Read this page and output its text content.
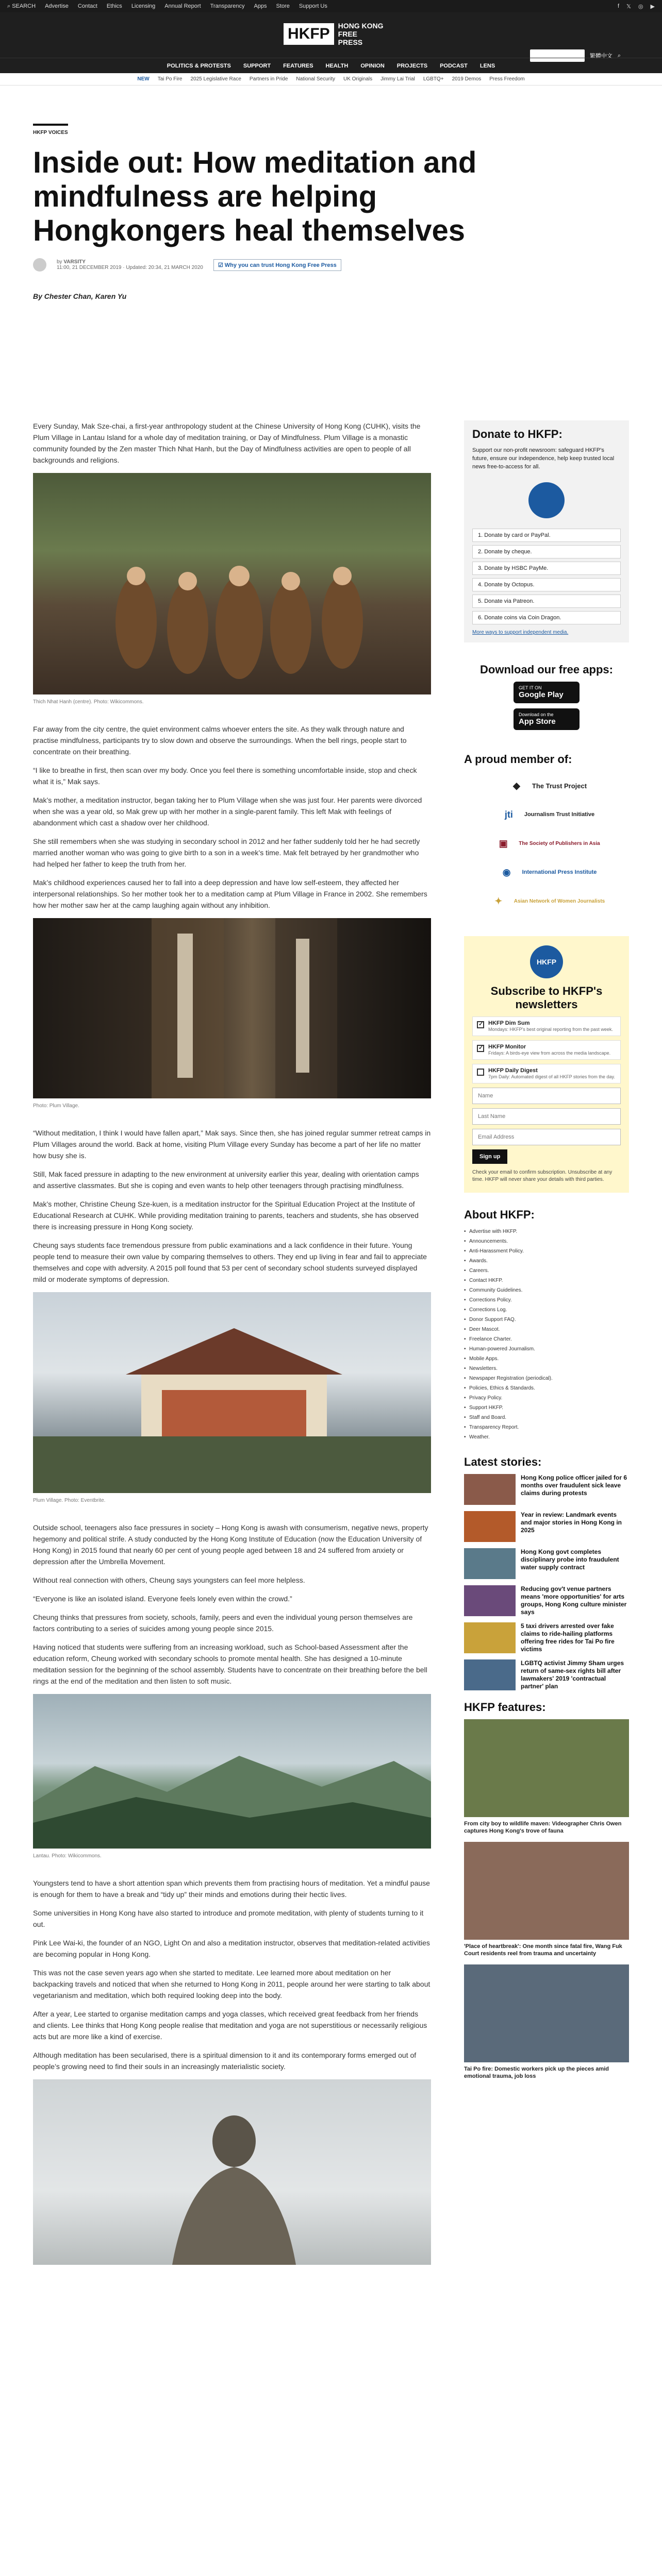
⌕ SEARCH Advertise Contact Ethics Licensing Annual Report Transparency Apps Store Support Us	f 𝕏 ◎ ▶
HKFP	HONG KONG FREE PRESS
SUPPORT HKFP	繁體中文 ⌕
POLITICS & PROTESTS SUPPORT FEATURES HEALTH OPINION PROJECTS PODCAST LENS
NEW Tai Po Fire 2025 Legislative Race Partners in Pride National Security UK Originals Jimmy Lai Trial LGBTQ+ 2019 Demos Press Freedom
HKFP VOICES
Inside out: How meditation and mindfulness are helping Hongkongers heal themselves
by VARSITY
11:00, 21 DECEMBER 2019 · Updated: 20:34, 21 MARCH 2020	☑ Why you can trust Hong Kong Free Press
By Chester Chan, Karen Yu

Every Sunday, Mak Sze-chai, a first-year anthropology student at the Chinese University of Hong Kong (CUHK), visits the Plum Village in Lantau Island for a whole day of meditation training, or Day of Mindfulness. Plum Village is a monastic community founded by the Zen master Thich Nhat Hanh, but the Day of Mindfulness activities are open to people of all backgrounds and religions.

Thich Nhat Hanh (centre). Photo: Wikicommons.

Far away from the city centre, the quiet environment calms whoever enters the site. As they walk through nature and practise mindfulness, participants try to slow down and observe the surroundings. When the bell rings, people start to concentrate on their breathing.

“I like to breathe in first, then scan over my body. Once you feel there is something uncomfortable inside, stop and check what it is,” Mak says.

Mak’s mother, a meditation instructor, began taking her to Plum Village when she was just four. Her parents were divorced when she was a year old, so Mak grew up with her mother in a single-parent family. This left Mak with feelings of abandonment which cast a shadow over her childhood.

She still remembers when she was studying in secondary school in 2012 and her father suddenly told her he had secretly married another woman who was going to give birth to a son in a week’s time. Mak felt betrayed by her grandmother who had helped her father to keep the truth from her.

Mak’s childhood experiences caused her to fall into a deep depression and have low self-esteem, they affected her interpersonal relationships. So her mother took her to a meditation camp at Plum Village in France in 2002. She remembers how her mother saw her at the camp laughing again without any inhibition.

Photo: Plum Village.

“Without meditation, I think I would have fallen apart,” Mak says. Since then, she has joined regular summer retreat camps in Plum Villages around the world. Back at home, visiting Plum Village every Sunday has become a part of her life no matter how busy she is.

Still, Mak faced pressure in adapting to the new environment at university earlier this year, dealing with orientation camps and assertive classmates. But she is coping and even wants to help other teenagers through practising mindfulness.

Mak’s mother, Christine Cheung Sze-kuen, is a meditation instructor for the Spiritual Education Project at the Institute of Educational Research at CUHK. While providing meditation training to parents, teachers and students, she has observed there is increasing pressure in Hong Kong society.

Cheung says students face tremendous pressure from public examinations and a lack confidence in their future. Young people tend to measure their own value by comparing themselves to others. They end up living in fear and fail to appreciate themselves and cope with adversity. A 2015 poll found that 53 per cent of secondary school students surveyed displayed mild or moderate symptoms of depression.

Plum Village. Photo: Eventbrite.

Outside school, teenagers also face pressures in society – Hong Kong is awash with consumerism, negative news, property hegemony and political strife. A study conducted by the Hong Kong Institute of Education (now the Education University of Hong Kong) in 2015 found that nearly 60 per cent of young people aged between 18 and 24 suffered from anxiety or depression after the Umbrella Movement.

Without real connection with others, Cheung says youngsters can feel more helpless.

“Everyone is like an isolated island. Everyone feels lonely even within the crowd.”

Cheung thinks that pressures from society, schools, family, peers and even the individual young person themselves are factors contributing to a series of suicides among young people since 2015.

Having noticed that students were suffering from an increasing workload, such as School-based Assessment after the education reform, Cheung worked with secondary schools to promote mental health. She has designed a 10-minute meditation session for the beginning of the school assembly. Students have to concentrate on their breathing before the bell rings at the end of the meditation and then listen to soft music.

Lantau. Photo: Wikicommons.

Youngsters tend to have a short attention span which prevents them from practising hours of meditation. Yet a mindful pause is enough for them to have a break and “tidy up” their minds and emotions during their hectic lives.

Some universities in Hong Kong have also started to introduce and promote meditation, with plenty of students turning to it out.

Pink Lee Wai-ki, the founder of an NGO, Light On and also a meditation instructor, observes that meditation-related activities are becoming popular in Hong Kong.

This was not the case seven years ago when she started to meditate. Lee learned more about meditation on her backpacking travels and noticed that when she returned to Hong Kong in 2011, people around her were starting to talk about vegetarianism and meditation, which both required looking deep into the body.

After a year, Lee started to organise meditation camps and yoga classes, which received great feedback from her friends and clients. Lee thinks that Hong Kong people realise that meditation and yoga are not superstitious or necessarily religious acts but are more like a kind of exercise.

Although meditation has been secularised, there is a spiritual dimension to it and its contemporary forms emerged out of people’s growing need to find their souls in an increasingly materialistic society.

Donate to HKFP:

Support our non-profit newsroom: safeguard HKFP's future, ensure our independence, help keep trusted local news free-to-access for all.

1. Donate by card or PayPal.
2. Donate by cheque.
3. Donate by HSBC PayMe.
4. Donate by Octopus.
5. Donate via Patreon.
6. Donate coins via Coin Dragon.
More ways to support independent media.
Download our free apps:
GET IT ON
Google Play
Download on the
App Store
A proud member of:
◆	The Trust Project
jti	Journalism Trust Initiative
▣	The Society of Publishers in Asia
◉	International Press Institute
✦	Asian Network of Women Journalists
HKFP
Subscribe to HKFP's newsletters
✓
HKFP Dim Sum
Mondays: HKFP's best original reporting from the past week.
✓
HKFP Monitor
Fridays: A birds-eye view from across the media landscape.
HKFP Daily Digest
7pm Daily: Automated digest of all HKFP stories from the day.
Name Last Name Email Address Sign up

Check your email to confirm subscription. Unsubscribe at any time. HKFP will never share your details with third parties.

About HKFP:
• Advertise with HKFP.
• Announcements.
• Anti-Harassment Policy.
• Awards.
• Careers.
• Contact HKFP.
• Community Guidelines.
• Corrections Policy.
• Corrections Log.
• Donor Support FAQ.
• Deer Mascot.
• Freelance Charter.
• Human-powered Journalism.
• Mobile Apps.
• Newsletters.
• Newspaper Registration (periodical).
• Policies, Ethics & Standards.
• Privacy Policy.
• Support HKFP.
• Staff and Board.
• Transparency Report.
• Weather.
Latest stories:
Hong Kong police officer jailed for 6 months over fraudulent sick leave claims during protests
Year in review: Landmark events and major stories in Hong Kong in 2025
Hong Kong govt completes disciplinary probe into fraudulent water supply contract
Reducing gov't venue partners means 'more opportunities' for arts groups, Hong Kong culture minister says
5 taxi drivers arrested over fake claims to ride-hailing platforms offering free rides for Tai Po fire victims
LGBTQ activist Jimmy Sham urges return of same-sex rights bill after lawmakers' 2019 'contractual partner' plan
HKFP features:
From city boy to wildlife maven: Videographer Chris Owen captures Hong Kong's trove of fauna
'Place of heartbreak': One month since fatal fire, Wang Fuk Court residents reel from trauma and uncertainty
Tai Po fire: Domestic workers pick up the pieces amid emotional trauma, job loss
